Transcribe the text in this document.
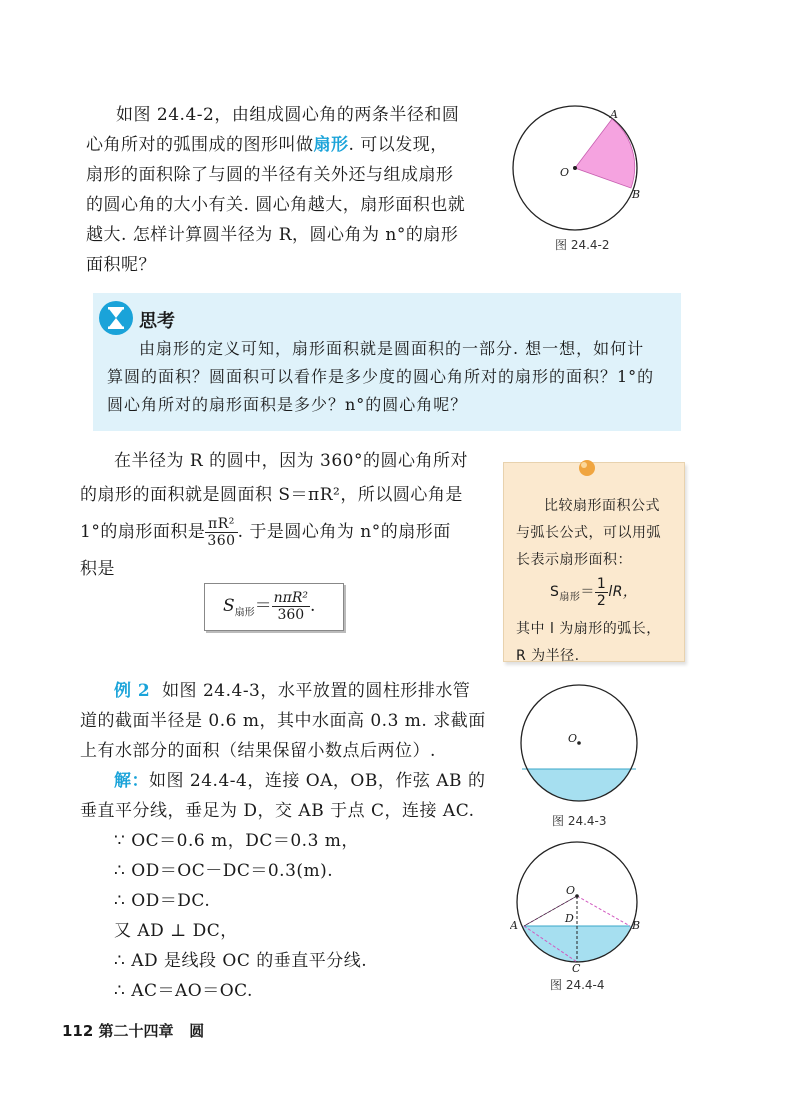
如图 24.4-2，由组成圆心角的两条半径和圆
心角所对的弧围成的图形叫做扇形. 可以发现，
扇形的面积除了与圆的半径有关外还与组成扇形
的圆心角的大小有关. 圆心角越大，扇形面积也就
越大. 怎样计算圆半径为 R，圆心角为 n°的扇形
面积呢？
O
A
B
图 24.4-2
思考
由扇形的定义可知，扇形面积就是圆面积的一部分. 想一想，如何计
算圆的面积？圆面积可以看作是多少度的圆心角所对的扇形的面积？1°的
圆心角所对的扇形面积是多少？n°的圆心角呢？
在半径为 R 的圆中，因为 360°的圆心角所对
的扇形的面积就是圆面积 S＝πR²，所以圆心角是
1°的扇形面积是 $\frac{\text{πR²}}{360}$ . 于是圆心角为 n°的扇形面
积是
$S_{扇形}= \frac{\text{nπR²}}{360}$ .
比较扇形面积公式
与弧长公式，可以用弧
长表示扇形面积：
$S_{扇形}= \frac{1}{2}$ lR，
其中 l 为扇形的弧长，
R 为半径.
例 2 如图 24.4-3，水平放置的圆柱形排水管
道的截面半径是 0.6 m，其中水面高 0.3 m. 求截面
上有水部分的面积（结果保留小数点后两位）.
解：如图 24.4-4，连接 OA，OB，作弦 AB 的
垂直平分线，垂足为 D，交 AB 于点 C，连接 AC.
∵ OC＝0.6 m，DC＝0.3 m，
∴ OD＝OC－DC＝0.3(m).
∴ OD＝DC.
又 AD ⊥ DC，
∴ AD 是线段 OC 的垂直平分线.
∴ AC＝AO＝OC.
O
图 24.4-3
O
A	B
D
C
图 24.4-4
112 第二十四章 圆
